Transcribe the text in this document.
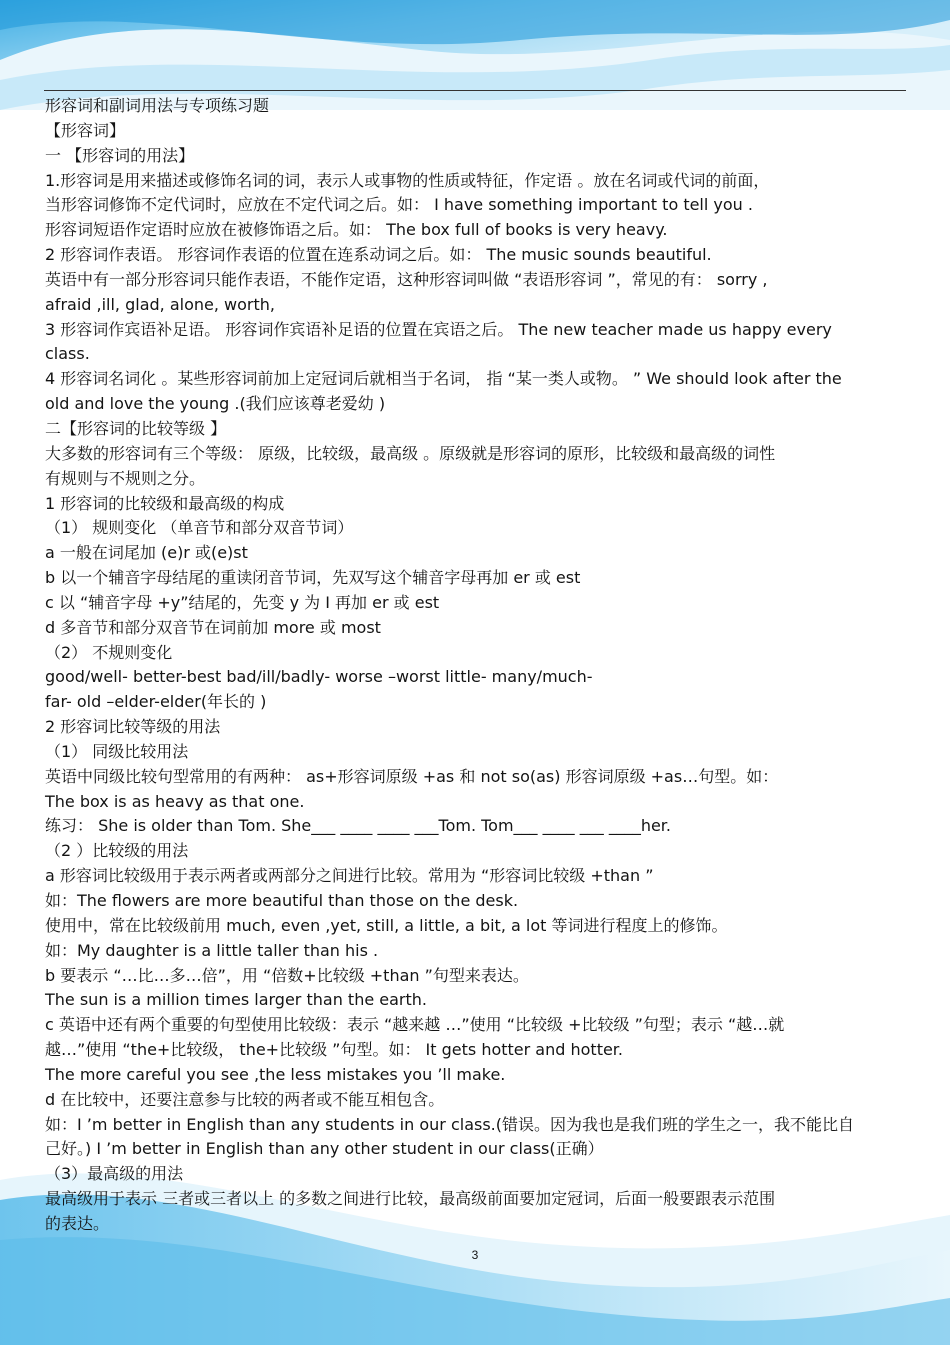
形容词和副词用法与专项练习题
【形容词】
一 【形容词的用法】
1.形容词是用来描述或修饰名词的词，表示人或事物的性质或特征，作定语 。放在名词或代词的前面，
当形容词修饰不定代词时，应放在不定代词之后。如： I have something important to tell you .
形容词短语作定语时应放在被修饰语之后。如： The box full of books is very heavy.
2 形容词作表语。 形容词作表语的位置在连系动词之后。如： The music sounds beautiful.
英语中有一部分形容词只能作表语，不能作定语，这种形容词叫做 “表语形容词 ”，常见的有： sorry ,
afraid ,ill, glad, alone, worth,
3 形容词作宾语补足语。 形容词作宾语补足语的位置在宾语之后。 The new teacher made us happy every
class.
4 形容词名词化 。某些形容词前加上定冠词后就相当于名词， 指 “某一类人或物。 ” We should look after the
old and love the young .(我们应该尊老爱幼 )
二【形容词的比较等级 】
大多数的形容词有三个等级： 原级，比较级，最高级 。原级就是形容词的原形，比较级和最高级的词性
有规则与不规则之分。
1 形容词的比较级和最高级的构成
（1） 规则变化 （单音节和部分双音节词）
a 一般在词尾加 (e)r 或(e)st
b 以一个辅音字母结尾的重读闭音节词，先双写这个辅音字母再加 er 或 est
c 以 “辅音字母 +y”结尾的，先变 y 为 I 再加 er 或 est
d 多音节和部分双音节在词前加 more 或 most
（2） 不规则变化
good/well- better-best bad/ill/badly- worse –worst little- many/much-
far- old –elder-elder(年长的 )
2 形容词比较等级的用法
（1） 同级比较用法
英语中同级比较句型常用的有两种： as+形容词原级 +as 和 not so(as) 形容词原级 +as…句型。如：
The box is as heavy as that one.
练习： She is older than Tom. She___ ____ ____ ___Tom. Tom___ ____ ___ ____her.
（2 ）比较级的用法
a 形容词比较级用于表示两者或两部分之间进行比较。常用为 “形容词比较级 +than ”
如：The flowers are more beautiful than those on the desk.
使用中，常在比较级前用 much, even ,yet, still, a little, a bit, a lot 等词进行程度上的修饰。
如：My daughter is a little taller than his .
b 要表示 “…比…多…倍”，用 “倍数+比较级 +than ”句型来表达。
The sun is a million times larger than the earth.
c 英语中还有两个重要的句型使用比较级：表示 “越来越 …”使用 “比较级 +比较级 ”句型；表示 “越…就
越…”使用 “the+比较级， the+比较级 ”句型。如： It gets hotter and hotter.
The more careful you see ,the less mistakes you ’ll make.
d 在比较中，还要注意参与比较的两者或不能互相包含。
如：I ’m better in English than any students in our class.(错误。因为我也是我们班的学生之一，我不能比自
己好。) I ’m better in English than any other student in our class(正确）
（3）最高级的用法
最高级用于表示 三者或三者以上 的多数之间进行比较，最高级前面要加定冠词，后面一般要跟表示范围
的表达。
3
